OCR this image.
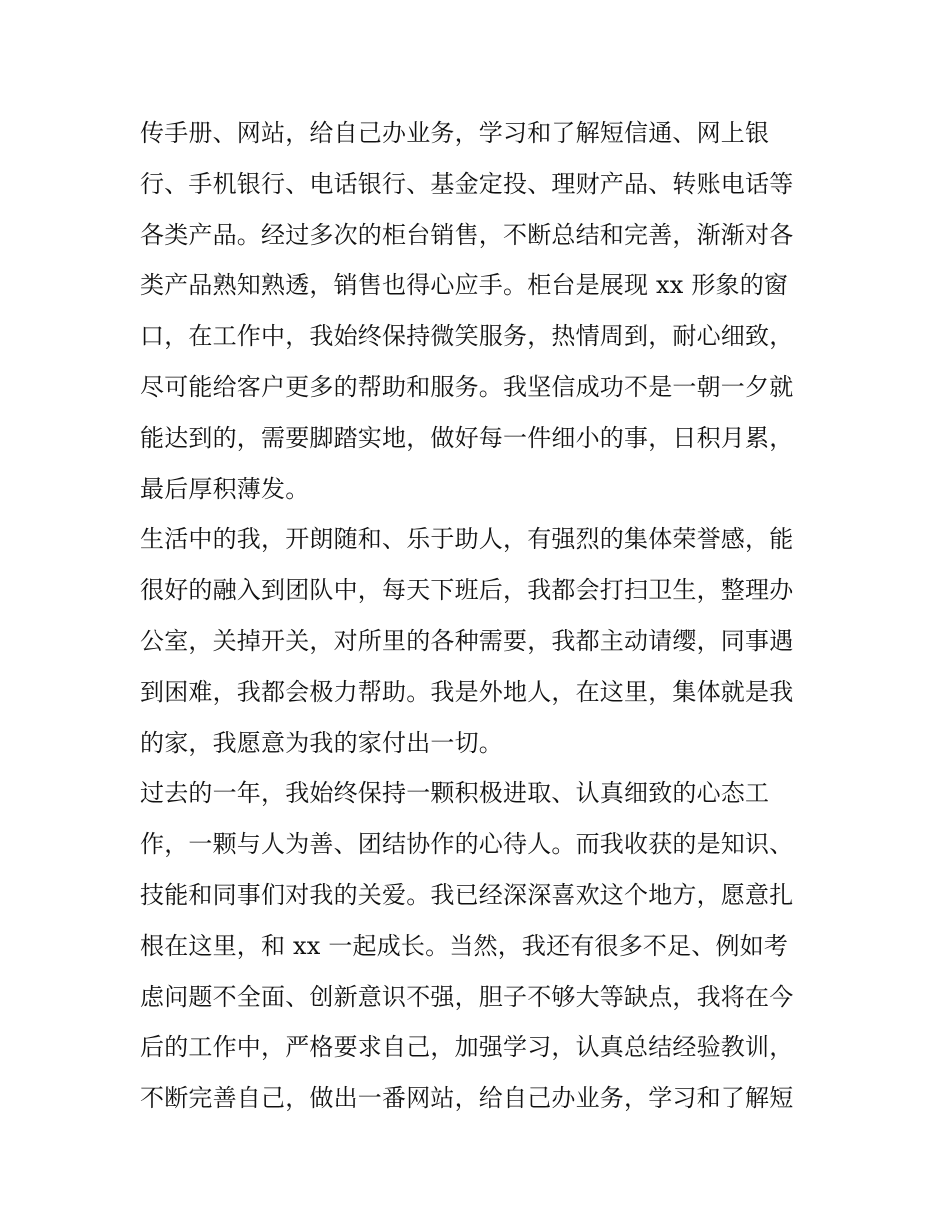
传手册、网站，给自己办业务，学习和了解短信通、网上银
行、手机银行、电话银行、基金定投、理财产品、转账电话等
各类产品。经过多次的柜台销售，不断总结和完善，渐渐对各
类产品熟知熟透，销售也得心应手。柜台是展现 xx 形象的窗
口，在工作中，我始终保持微笑服务，热情周到，耐心细致，
尽可能给客户更多的帮助和服务。我坚信成功不是一朝一夕就
能达到的，需要脚踏实地，做好每一件细小的事，日积月累，
最后厚积薄发。
生活中的我，开朗随和、乐于助人，有强烈的集体荣誉感，能
很好的融入到团队中，每天下班后，我都会打扫卫生，整理办
公室，关掉开关，对所里的各种需要，我都主动请缨，同事遇
到困难，我都会极力帮助。我是外地人，在这里，集体就是我
的家，我愿意为我的家付出一切。
过去的一年，我始终保持一颗积极进取、认真细致的心态工
作，一颗与人为善、团结协作的心待人。而我收获的是知识、
技能和同事们对我的关爱。我已经深深喜欢这个地方，愿意扎
根在这里，和 xx 一起成长。当然，我还有很多不足、例如考
虑问题不全面、创新意识不强，胆子不够大等缺点，我将在今
后的工作中，严格要求自己，加强学习，认真总结经验教训，
不断完善自己，做出一番网站，给自己办业务，学习和了解短
